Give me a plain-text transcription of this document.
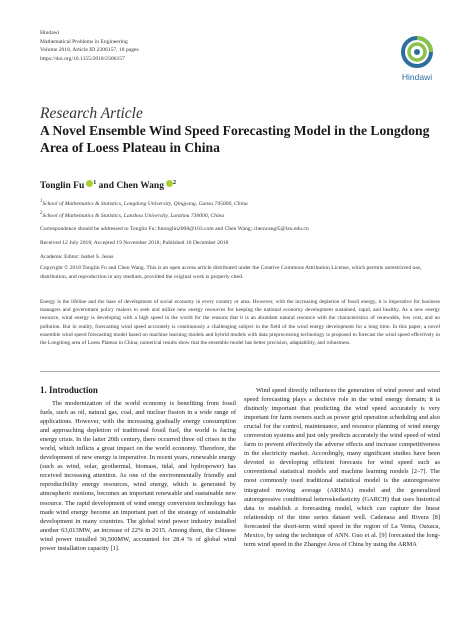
Hindawi
Mathematical Problems in Engineering
Volume 2018, Article ID 2306157, 18 pages
https://doi.org/10.1155/2018/2306157
Hindawi
Research Article
A Novel Ensemble Wind Speed Forecasting Model in the Longdong Area of Loess Plateau in China
Tonglin Fu $^1$ and Chen Wang $^2$
$^1$School of Mathematics & Statistics, Longdong University, Qingyang, Gansu 745000, China
$^2$School of Mathematics & Statistics, Lanzhou University, Lanzhou 730000, China
Correspondence should be addressed to Tonglin Fu; futonglin2008@163.com and Chen Wang; chenwangl5@lzu.edu.cn
Received 12 July 2018; Accepted 19 November 2018; Published 10 December 2018
Academic Editor: Isabel S. Jesus
Copyright © 2018 Tonglin Fu and Chen Wang. This is an open access article distributed under the Creative Commons Attribution License, which permits unrestricted use, distribution, and reproduction in any medium, provided the original work is properly cited.
Energy is the lifeline and the base of development of social economy in every country or area. However, with the increasing depletion of fossil energy, it is imperative for business managers and government policy makers to seek and utilize new energy resources for keeping the national economy development sustained, rapid, and healthy. As a new energy resource, wind energy is developing with a high speed in the world for the reasons that it is an abundant natural resource with the characteristics of renewable, low cost, and no pollution. But in reality, forecasting wind speed accurately is continuously a challenging subject in the field of the wind energy development for a long time. In this paper, a novel ensemble wind speed forecasting model based on machine learning models and hybrid models with data preprocessing technology is proposed to forecast the wind speed effectively in the Longdong area of Loess Plateau in China; numerical results show that the ensemble model has better precision, adaptability, and robustness.
1. Introduction

The modernization of the world economy is benefiting from fossil fuels, such as oil, natural gas, coal, and nuclear fission in a wide range of applications. However, with the increasing gradually energy consumption and approaching depletion of traditional fossil fuel, the world is facing energy crisis. In the latter 20th century, there occurred three oil crises in the world, which inflicts a great impact on the world economy. Therefore, the development of new energy is imperative. In recent years, renewable energy (such as wind, solar, geothermal, biomass, tidal, and hydropower) has received increasing attention. As one of the environmentally friendly and reproducibility energy resources, wind energy, which is generated by atmospheric motions, becomes an important renewable and sustainable new resource. The rapid development of wind energy conversion technology has made wind energy become an important part of the strategy of sustainable development in many countries. The global wind power industry installed another 63,013MW, an increase of 22% in 2015. Among them, the Chinese wind power installed 30,500MW, accounted for 28.4 % of global wind power installation capacity [1].

Wind speed directly influences the generation of wind power and wind speed forecasting plays a decisive role in the wind energy domain; it is distinctly important that predicting the wind speed accurately is very important for farm owners such as power grid operation scheduling and also crucial for the control, maintenance, and resource planning of wind energy conversion systems and just only predicts accurately the wind speed of wind farm to prevent effectively the adverse effects and increase competitiveness in the electricity market. Accordingly, many significant studies have been devoted to developing efficient forecasts for wind speed such as conventional statistical models and machine learning models [2–7]. The most commonly used traditional statistical model is the autoregressive integrated moving average (ARIMA) model and the generalized autoregressive conditional heteroskedasticity (GARCH) that uses historical data to establish a forecasting model, which can capture the linear relationship of the time series dataset well. Cadenasa and Rivera [8] forecasted the short-term wind speed in the region of La Venta, Oaxaca, Mexico, by using the technique of ANN. Guo et al. [9] forecasted the long-term wind speed in the Zhangye Area of China by using the ARMA
